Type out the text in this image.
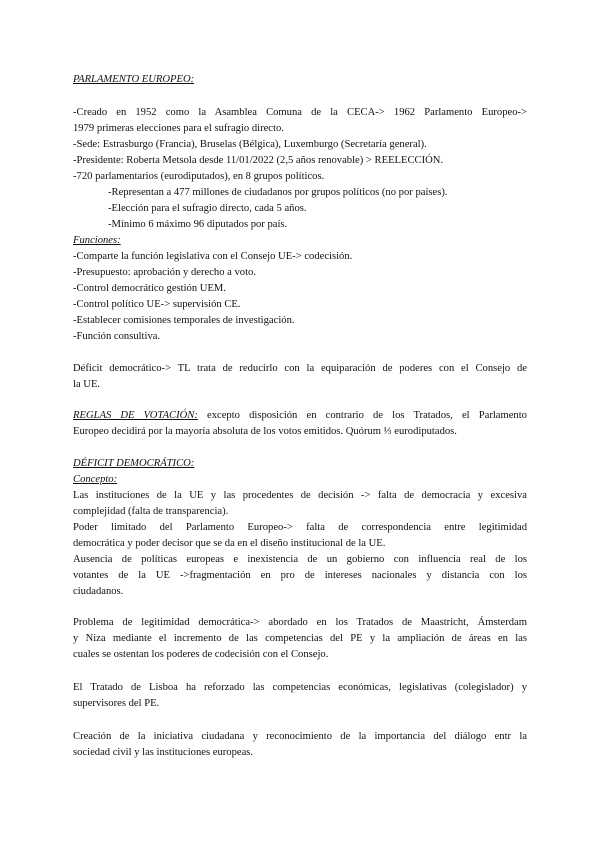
PARLAMENTO EUROPEO:

-Creado en 1952 como la Asamblea Comuna de la CECA-> 1962 Parlamento Europeo->

1979 primeras elecciones para el sufragio directo.

-Sede: Estrasburgo (Francia), Bruselas (Bélgica), Luxemburgo (Secretaría general).

-Presidente: Roberta Metsola desde 11/01/2022 (2,5 años renovable) > REELECCIÓN.

-720 parlamentarios (eurodiputados), en 8 grupos políticos.

-Representan a 477 millones de ciudadanos por grupos políticos (no por países).

-Elección para el sufragio directo, cada 5 años.

-Mínimo 6 máximo 96 diputados por país.

Funciones:

-Comparte la función legislativa con el Consejo UE-> codecisión.

-Presupuesto: aprobación y derecho a voto.

-Control democrático gestión UEM.

-Control político UE-> supervisión CE.

-Establecer comisiones temporales de investigación.

-Función consultiva.

Déficit democrático-> TL trata de reducirlo con la equiparación de poderes con el Consejo de

la UE.

REGLAS DE VOTACIÓN: excepto disposición en contrario de los Tratados, el Parlamento

Europeo decidirá por la mayoría absoluta de los votos emitidos. Quórum ⅓ eurodiputados.

DÉFICIT DEMOCRÁTICO:

Concepto:

Las instituciones de la UE y las procedentes de decisión -> falta de democracia y excesiva

complejidad (falta de transparencia).

Poder limitado del Parlamento Europeo-> falta de correspondencia entre legitimidad

democrática y poder decisor que se da en el diseño institucional de la UE.

Ausencia de políticas europeas e inexistencia de un gobierno con influencia real de los

votantes de la UE ->fragmentación en pro de intereses nacionales y distancia con los

ciudadanos.

Problema de legitimidad democrática-> abordado en los Tratados de Maastricht, Ámsterdam

y Niza mediante el incremento de las competencias del PE y la ampliación de áreas en las

cuales se ostentan los poderes de codecisión con el Consejo.

El Tratado de Lisboa ha reforzado las competencias económicas, legislativas (colegislador) y

supervisores del PE.

Creación de la iniciativa ciudadana y reconocimiento de la importancia del diálogo entr la

sociedad civil y las instituciones europeas.
